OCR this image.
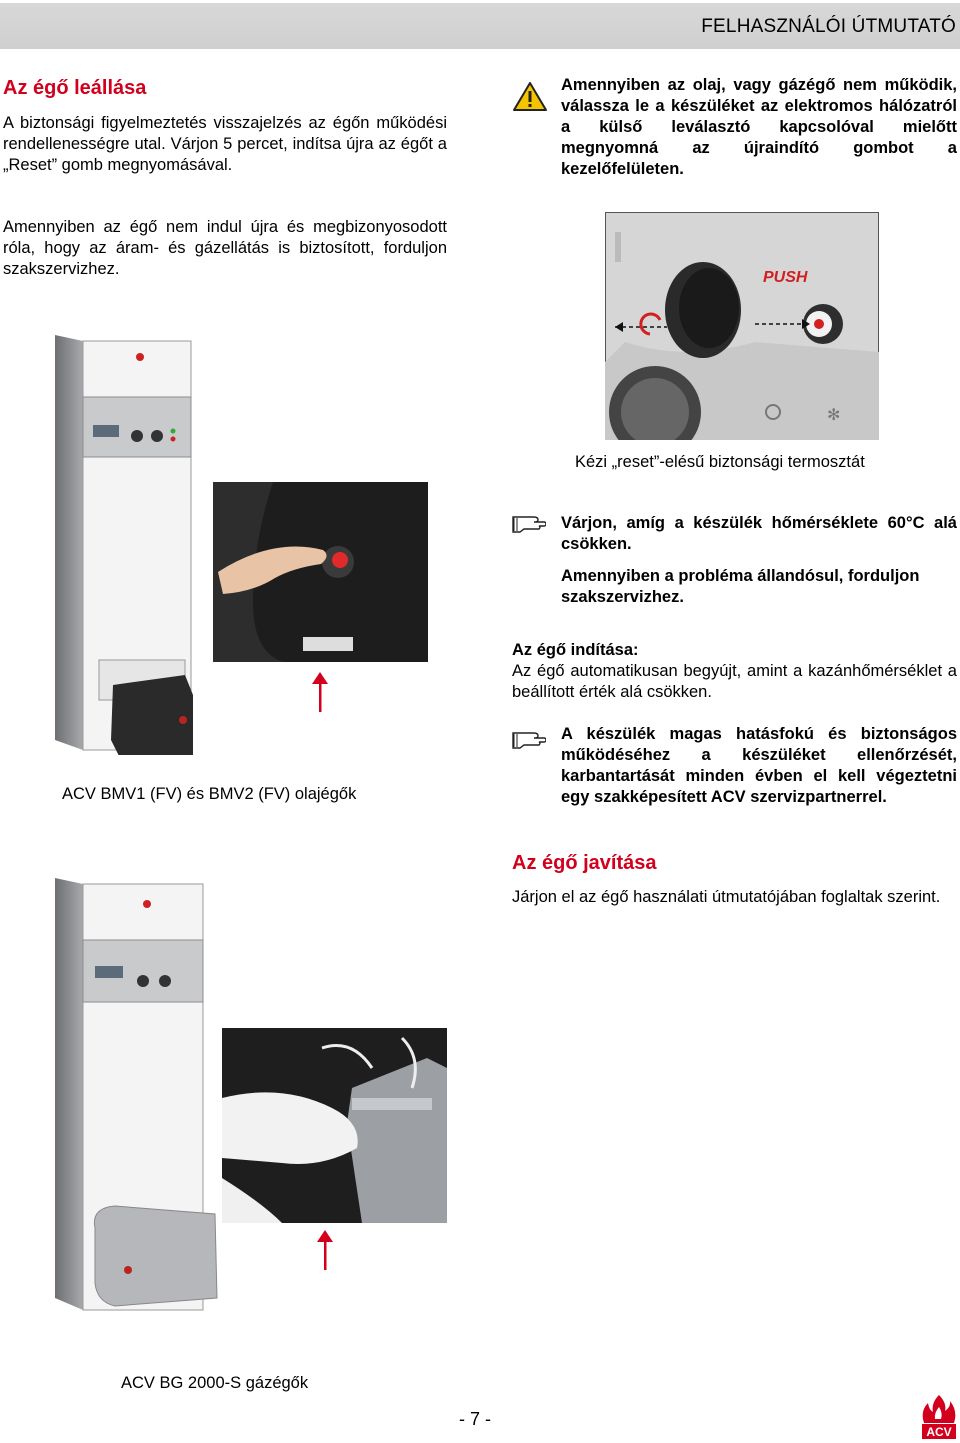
FELHASZNÁLÓI ÚTMUTATÓ
Az égő leállása
A biztonsági figyelmeztetés visszajelzés az égőn működési rendellenességre utal. Várjon 5 percet, indítsa újra az égőt a „Reset” gomb megnyomásával.
Amennyiben az égő nem indul újra és megbizonyosodott róla, hogy az áram- és gázellátás is biztosított, forduljon szakszervizhez.
ACV BMV1 (FV) és BMV2 (FV) olajégők
ACV BG 2000-S gázégők
Amennyiben az olaj, vagy gázégő nem működik, válassza le a készüléket az elektromos hálózatról a külső leválasztó kapcsolóval mielőtt megnyomná az újraindító gombot a kezelőfelületen.
PUSH
✻
Kézi „reset”-elésű biztonsági termosztát
Várjon, amíg a készülék hőmérséklete 60°C alá csökken.
Amennyiben a probléma állandósul, forduljon szakszervizhez.
Az égő indítása:
Az égő automatikusan begyújt, amint a kazánhőmérséklet a beállított érték alá csökken.
A készülék magas hatásfokú és biztonságos működéséhez a készüléket ellenőrzését, karbantartását minden évben el kell végeztetni egy szakképesített ACV szervizpartnerrel.
Az égő javítása
Járjon el az égő használati útmutatójában foglaltak szerint.
- 7 -
ACV
